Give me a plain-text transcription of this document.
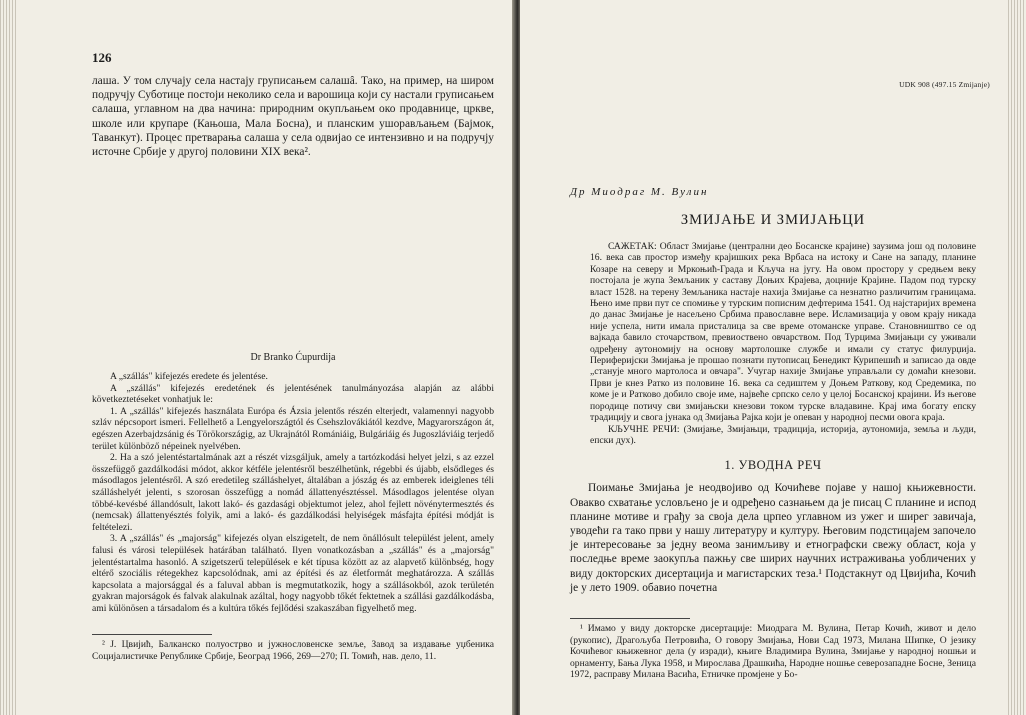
126

лаша. У том случају села настају груписањем салашâ. Тако, на пример, на широм подручју Суботице постоји неколико села и варошица који су настали груписањем салаша, углавном на два начина: природним окупљањем око продавнице, цркве, школе или крупаре (Кањоша, Мала Босна), и планским ушорављањем (Бајмок, Таванкут). Процес претварања салаша у села одвијао се интензивно и на подручју источне Србије у другој половини XIX века².

Dr Branko Ćupurdija

A „szállás" kifejezés eredete és jelentése.

A „szállás" kifejezés eredetének és jelentésének tanulmányozása alapján az alábbi következtetéseket vonhatjuk le:

1. A „szállás" kifejezés használata Európa és Ázsia jelentős részén elterjedt, valamennyi nagyobb szláv népcsoport ismeri. Fellelhető a Lengyelországtól és Csehszlovákiától kezdve, Magyarországon át, egészen Azerbajdzsánig és Törökországig, az Ukrajnától Romániáig, Bulgáriáig és Jugoszláviáig terjedő terület különböző népeinek nyelvében.

2. Ha a szó jelentéstartalmának azt a részét vizsgáljuk, amely a tartózkodási helyet jelzi, s az ezzel összefüggő gazdálkodási módot, akkor kétféle jelentésről beszélhetünk, régebbi és újabb, elsődleges és másodlagos jelentésről. A szó eredetileg szálláshelyet, általában a jószág és az emberek ideiglenes téli szálláshelyét jelenti, s szorosan összefügg a nomád állattenyésztéssel. Másodlagos jelentése olyan többé-kevésbé állandósult, lakott lakó- és gazdasági objektumot jelez, ahol fejlett növénytermesztés és (nemcsak) állattenyésztés folyik, ami a lakó- és gazdálkodási helyiségek másfajta építési módját is feltételezi.

3. A „szállás" és „majorság" kifejezés olyan elszigetelt, de nem önállósult települést jelent, amely falusi és városi települések határában található. Ilyen vonatkozásban a „szállás" és a „majorság" jelentéstartalma hasonló. A szigetszerű települések e két típusa között az az alapvető különbség, hogy eltérő szociális rétegekhez kapcsolódnak, ami az építési és az életformát meghatározza. A szállás kapcsolata a majorsággal és a faluval abban is megmutatkozik, hogy a szállásokból, azok területén gyakran majorságok és falvak alakulnak azáltal, hogy nagyobb tőkét fektetnek a szállási gazdálkodásba, ami különösen a társadalom és a kultúra tőkés fejlődési szakaszában figyelhető meg.

² Ј. Цвијић, Балканско полуострво и јужнословенске земље, Завод за издавање уџбеника Социјалистичке Републике Србије, Београд 1966, 269—270; П. Томић, нав. дело, 11.

UDK 908 (497.15 Zmijanje)

Др Миодраг М. Вулин

ЗМИЈАЊЕ И ЗМИЈАЊЦИ

САЖЕТАК: Област Змијање (централни део Босанске крајине) заузима још од половине 16. века сав простор између крајишких река Врбаса на истоку и Сане на западу, планине Козаре на северу и Мркоњић-Града и Кључа на југу. На овом простору у средњем веку постојала је жупа Земљаник у саставу Доњих Крајева, доцније Крајине. Падом под турску власт 1528. на терену Земљаника настаје нахија Змијање са незнатно различитим границама. Њено име први пут се спомиње у турским пописним дефтерима 1541. Од најстаријих времена до данас Змијање је насељено Србима православне вере. Исламизација у овом крају никада није успела, нити имала присталица за све време отоманске управе. Становништво се од вајкада бавило сточарством, превиоствено овчарством. Под Турцима Змијањци су уживали одређену аутономију на основу мартолошке службе и имали су статус филурџија. Периферијски Змијања је прошао познати путописац Бенедикт Курипешић и записао да овде „станује много мартолоса и овчара". Учугар нахије Змијање управљали су домаћи кнезови. Први је кнез Ратко из половине 16. века са седиштем у Доњем Раткову, код Средемика, по коме је и Ратково добило своје име, највеће српско село у целој Босанској крајини. Из његове породице потичу сви змијањски кнезови током турске владавине. Крај има богату епску традицију и свога јунака од Змијања Рајка који је опеван у народној песми овога краја.

КЉУЧНЕ РЕЧИ: (Змијање, Змијањци, традиција, историја, аутономија, земља и људи, епски дух).

1. УВОДНА РЕЧ

Поимање Змијања је неодвојиво од Кочићеве појаве у нашој књижевности. Овакво схватање условљено је и одређено сазнањем да је писац С планине и испод планине мотиве и грађу за своја дела црпео углавном из ужег и ширег завичаја, уводећи га тако први у нашу литературу и културу. Његовим подстицајем започело је интересовање за једну веома занимљиву и етнографски свежу област, која у последње време заокупља пажњу све ширих научних истраживања уобличених у виду докторских дисертација и магистарских теза.¹ Подстакнут од Цвијића, Кочић је у лето 1909. обавио почетна

¹ Имамо у виду докторске дисертације: Миодрага М. Вулина, Петар Кочић, живот и дело (рукопис), Драгољуба Петровића, О говору Змијања, Нови Сад 1973, Милана Шипке, О језику Кочићевог књижевног дела (у изради), књиге Владимира Вулина, Змијање у народној ношњи и орнаментy, Бања Лука 1958, и Мирослава Драшкића, Народне ношње северозападне Босне, Зеница 1972, расправу Милана Васића, Етничке промјене у Бо-
